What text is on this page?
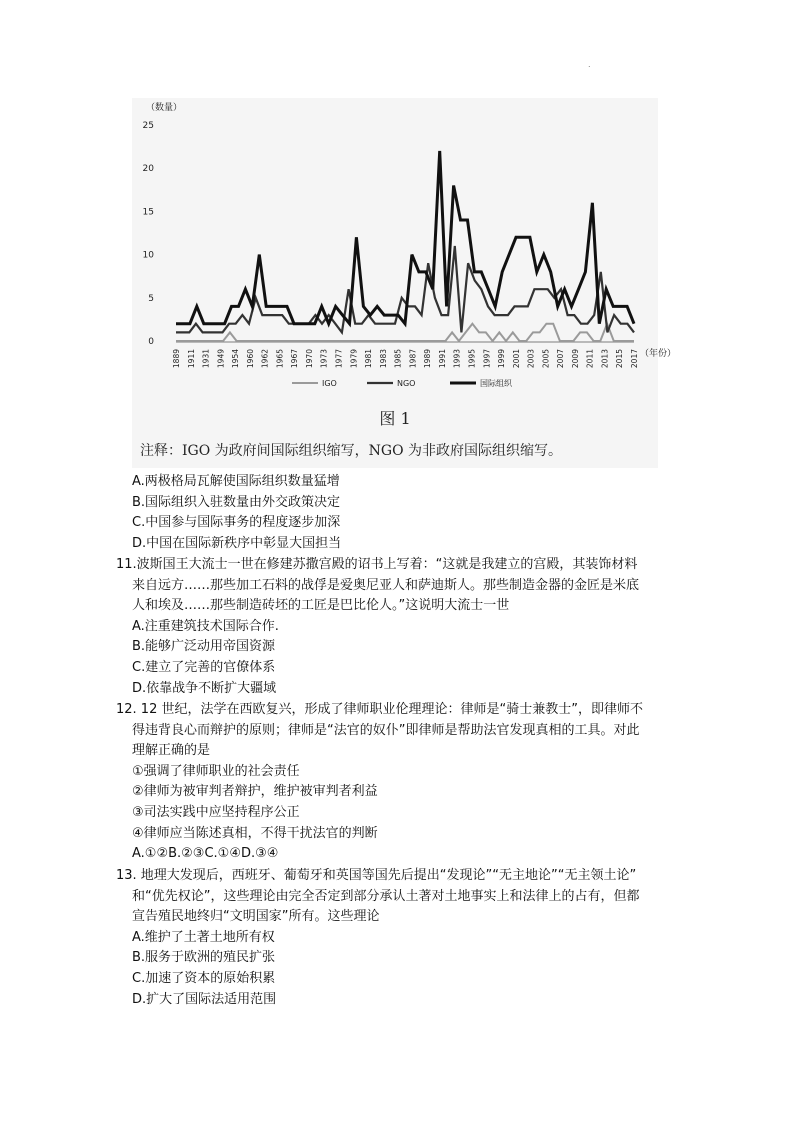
.
（数量）
0
5
10
15
20
25
1889 1911 1931 1949 1954 1960 1962 1965 1967 1970 1973 1977 1979 1981 1983 1985 1987 1989 1991 1993 1995 1997 1999 2001 2003 2005 2007 2009 2011 2013 2015 2017 （年份）
IGO	NGO	国际组织
图 1
注释：IGO 为政府间国际组织缩写，NGO 为非政府国际组织缩写。
A.两极格局瓦解使国际组织数量猛增
B.国际组织入驻数量由外交政策决定
C.中国参与国际事务的程度逐步加深
D.中国在国际新秩序中彰显大国担当
11.波斯国王大流士一世在修建苏撒宫殿的诏书上写着：“这就是我建立的宫殿，其装饰材料
来自远方……那些加工石料的战俘是爱奥尼亚人和萨迪斯人。那些制造金器的金匠是米底
人和埃及……那些制造砖坯的工匠是巴比伦人。”这说明大流士一世
A.注重建筑技术国际合作.
B.能够广泛动用帝国资源
C.建立了完善的官僚体系
D.依靠战争不断扩大疆域
12. 12 世纪，法学在西欧复兴，形成了律师职业伦理理论：律师是“骑士兼教士”，即律师不
得违背良心而辩护的原则；律师是“法官的奴仆”即律师是帮助法官发现真相的工具。对此
理解正确的是
①强调了律师职业的社会责任
②律师为被审判者辩护，维护被审判者利益
③司法实践中应坚持程序公正
④律师应当陈述真相，不得干扰法官的判断
A.①②B.②③C.①④D.③④
13. 地理大发现后，西班牙、葡萄牙和英国等国先后提出“发现论”“无主地论”“无主领土论”
和“优先权论”，这些理论由完全否定到部分承认土著对土地事实上和法律上的占有，但都
宣告殖民地终归“文明国家”所有。这些理论
A.维护了土著土地所有权
B.服务于欧洲的殖民扩张
C.加速了资本的原始积累
D.扩大了国际法适用范围
